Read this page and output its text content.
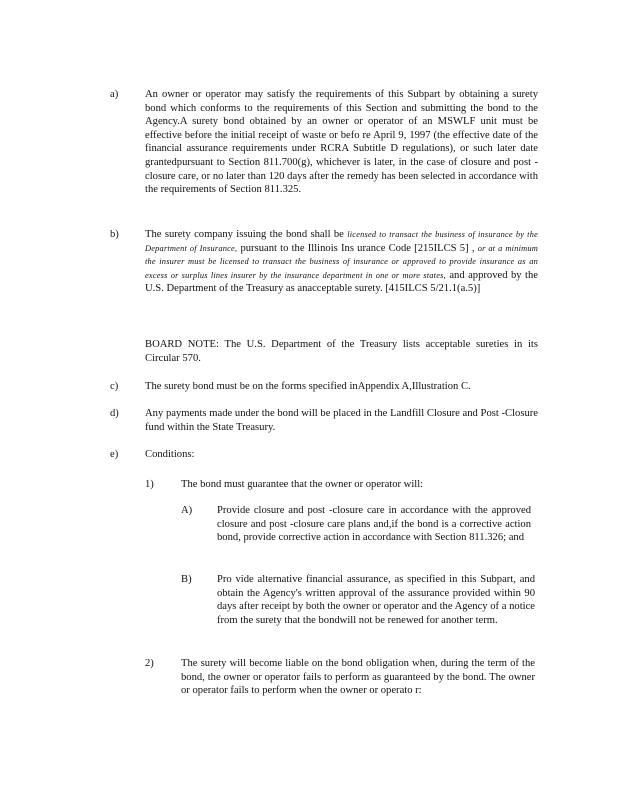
a)	An owner or operator may satisfy the requirements of this Subpart by obtaining a surety bond which conforms to the requirements of this Section and submitting the bond to the Agency.A surety bond obtained by an owner or operator of an MSWLF unit must be effective before the initial receipt of waste or befo re April 9, 1997 (the effective date of the financial assurance requirements under RCRA Subtitle D regulations), or such later date grantedpursuant to Section 811.700(g), whichever is later, in the case of closure and post -closure care, or no later than 120 days after the remedy has been selected in accordance with the requirements of Section 811.325.
b) The surety company issuing the bond shall be licensed to transact the business of insurance by the Department of Insurance, pursuant to the Illinois Ins urance Code [215ILCS 5] , or at a minimum the insurer must be licensed to transact the business of insurance or approved to provide insurance as an excess or surplus lines insurer by the insurance department in one or more states, and approved by the U.S. Department of the Treasury as anacceptable surety. [415ILCS 5/21.1(a.5)]
BOARD NOTE: The U.S. Department of the Treasury lists acceptable sureties in its Circular 570.
c)	The surety bond must be on the forms specified inAppendix A,Illustration C.
d) Any payments made under the bond will be placed in the Landfill Closure and Post -Closure fund within the State Treasury.
e)	Conditions:
1)	The bond must guarantee that the owner or operator will:
A) Provide closure and post -closure care in accordance with the approved closure and post -closure care plans and,if the bond is a corrective action bond, provide corrective action in accordance with Section 811.326; and
B) Pro vide alternative financial assurance, as specified in this Subpart, and obtain the Agency's written approval of the assurance provided within 90 days after receipt by both the owner or operator and the Agency of a notice from the surety that the bondwill not be renewed for another term.
2)	The surety will become liable on the bond obligation when, during the term of the bond, the owner or operator fails to perform as guaranteed by the bond. The owner or operator fails to perform when the owner or operato r:
